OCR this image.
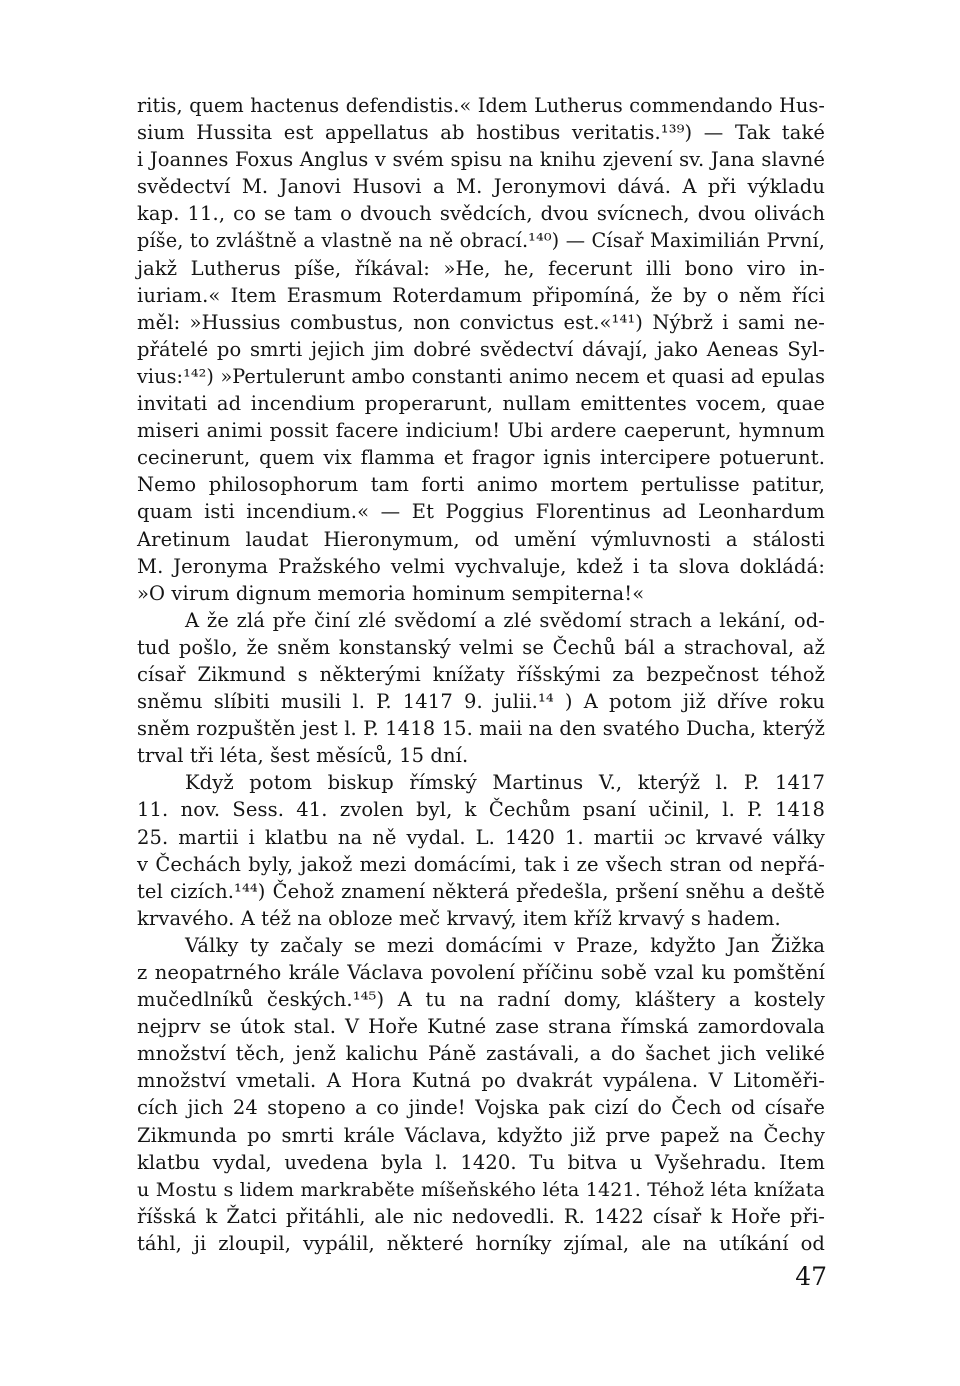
ritis, quem hactenus defendistis.« Idem Lutherus commendando Hus-
sium Hussita est appellatus ab hostibus veritatis.¹³⁹) — Tak také
i Joannes Foxus Anglus v svém spisu na knihu zjevení sv. Jana slavné
svědectví M. Janovi Husovi a M. Jeronymovi dává. A při výkladu
kap. 11., co se tam o dvouch svědcích, dvou svícnech, dvou olivách
píše, to zvláštně a vlastně na ně obrací.¹⁴⁰) — Císař Maximilián První,
jakž Lutherus píše, říkával: »He, he, fecerunt illi bono viro in-
iuriam.« Item Erasmum Roterdamum připomíná, že by o něm říci
měl: »Hussius combustus, non convictus est.«¹⁴¹) Nýbrž i sami ne-
přátelé po smrti jejich jim dobré svědectví dávají, jako Aeneas Syl-
vius:¹⁴²) »Pertulerunt ambo constanti animo necem et quasi ad epulas
invitati ad incendium properarunt, nullam emittentes vocem, quae
miseri animi possit facere indicium! Ubi ardere caeperunt, hymnum
cecinerunt, quem vix flamma et fragor ignis intercipere potuerunt.
Nemo philosophorum tam forti animo mortem pertulisse patitur,
quam isti incendium.« — Et Poggius Florentinus ad Leonhardum
Aretinum laudat Hieronymum, od umění výmluvnosti a stálosti
M. Jeronyma Pražského velmi vychvaluje, kdež i ta slova dokládá:
»O virum dignum memoria hominum sempiterna!«
A že zlá pře činí zlé svědomí a zlé svědomí strach a lekání, od-
tud pošlo, že sněm konstanský velmi se Čechů bál a strachoval, až
císař Zikmund s některými knížaty říšskými za bezpečnost téhož
sněmu slíbiti musili l. P. 1417 9. julii.¹⁴ ) A potom již dříve roku
sněm rozpuštěn jest l. P. 1418 15. maii na den svatého Ducha, kterýž
trval tři léta, šest měsíců, 15 dní.
Když potom biskup římský Martinus V., kterýž l. P. 1417
11. nov. Sess. 41. zvolen byl, k Čechům psaní učinil, l. P. 1418
25. martii i klatbu na ně vydal. L. 1420 1. martii ɔc krvavé války
v Čechách byly, jakož mezi domácími, tak i ze všech stran od nepřá-
tel cizích.¹⁴⁴) Čehož znamení některá předešla, pršení sněhu a deště
krvavého. A též na obloze meč krvavý, item kříž krvavý s hadem.
Války ty začaly se mezi domácími v Praze, kdyžto Jan Žižka
z neopatrného krále Václava povolení příčinu sobě vzal ku pomštění
mučedlníků českých.¹⁴⁵) A tu na radní domy, kláštery a kostely
nejprv se útok stal. V Hoře Kutné zase strana římská zamordovala
množství těch, jenž kalichu Páně zastávali, a do šachet jich veliké
množství vmetali. A Hora Kutná po dvakrát vypálena. V Litoměři-
cích jich 24 stopeno a co jinde! Vojska pak cizí do Čech od císaře
Zikmunda po smrti krále Václava, kdyžto již prve papež na Čechy
klatbu vydal, uvedena byla l. 1420. Tu bitva u Vyšehradu. Item
u Mostu s lidem markraběte míšeňského léta 1421. Téhož léta knížata
říšská k Žatci přitáhli, ale nic nedovedli. R. 1422 císař k Hoře při-
táhl, ji zloupil, vypálil, některé horníky zjímal, ale na utíkání od
47
